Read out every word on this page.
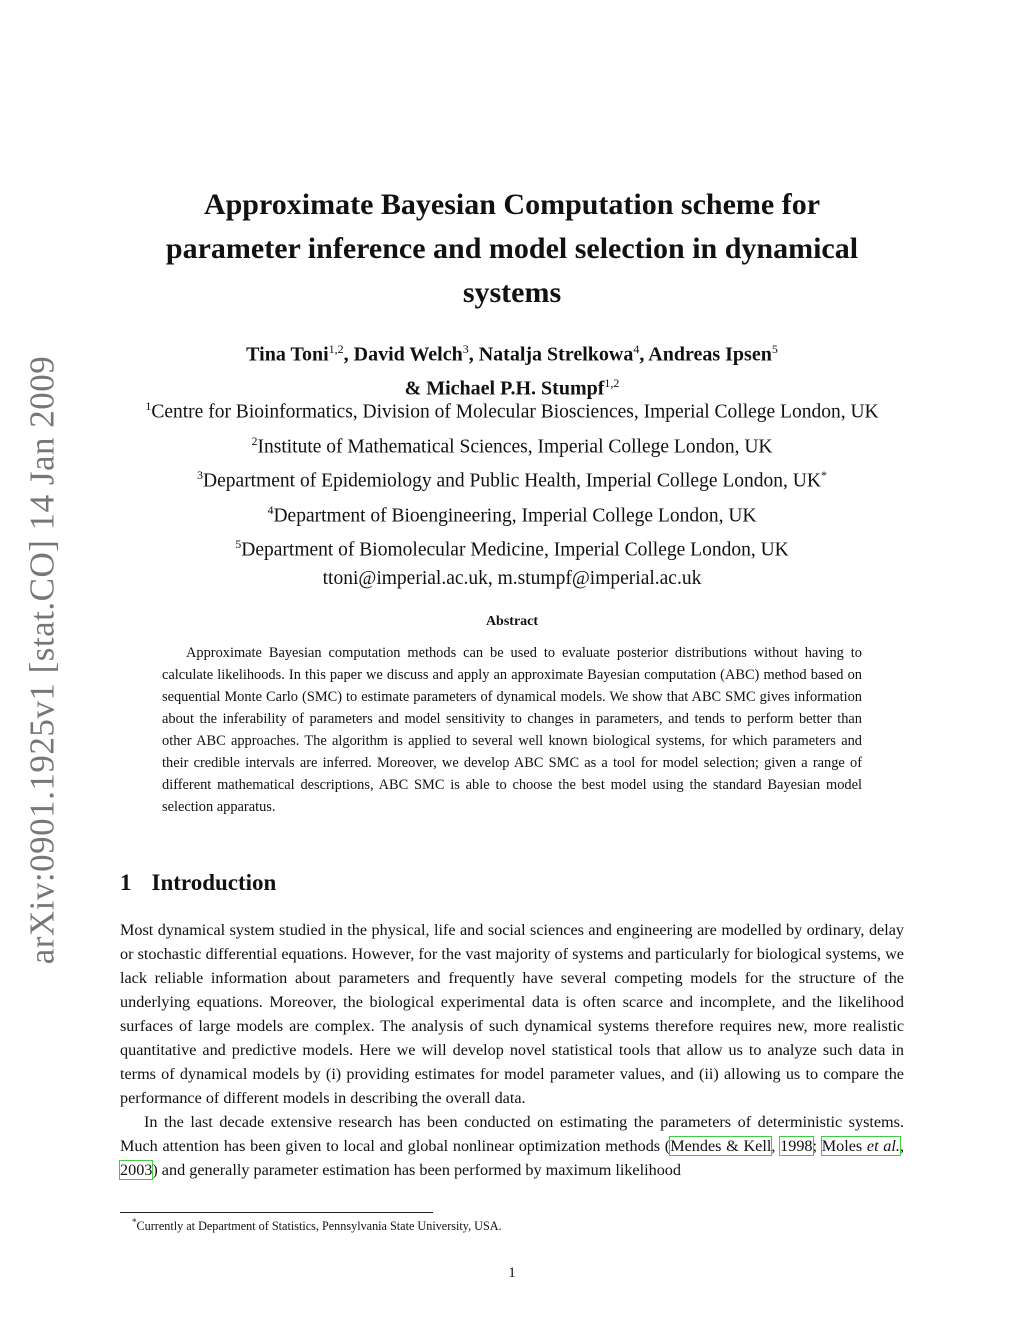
arXiv:0901.1925v1 [stat.CO] 14 Jan 2009
Approximate Bayesian Computation scheme for
parameter inference and model selection in dynamical
systems
Tina Toni$^{1,2}$, David Welch$^3$, Natalja Strelkowa$^4$, Andreas Ipsen$^5$
& Michael P.H. Stumpf$^{1,2}$
$^1$Centre for Bioinformatics, Division of Molecular Biosciences, Imperial College London, UK
$^2$Institute of Mathematical Sciences, Imperial College London, UK
$^3$Department of Epidemiology and Public Health, Imperial College London, UK*
$^4$Department of Bioengineering, Imperial College London, UK
$^5$Department of Biomolecular Medicine, Imperial College London, UK
ttoni@imperial.ac.uk, m.stumpf@imperial.ac.uk
Abstract

Approximate Bayesian computation methods can be used to evaluate posterior distributions without having to calculate likelihoods. In this paper we discuss and apply an approximate Bayesian computation (ABC) method based on sequential Monte Carlo (SMC) to estimate parameters of dynamical models. We show that ABC SMC gives information about the inferability of parameters and model sensitivity to changes in parameters, and tends to perform better than other ABC approaches. The algorithm is applied to several well known biological systems, for which parameters and their credible intervals are inferred. Moreover, we develop ABC SMC as a tool for model selection; given a range of different mathematical descriptions, ABC SMC is able to choose the best model using the standard Bayesian model selection apparatus.

1 Introduction

Most dynamical system studied in the physical, life and social sciences and engineering are modelled by ordinary, delay or stochastic differential equations. However, for the vast majority of systems and particularly for biological systems, we lack reliable information about parameters and frequently have several competing models for the structure of the underlying equations. Moreover, the biological experimental data is often scarce and incomplete, and the likelihood surfaces of large models are complex. The analysis of such dynamical systems therefore requires new, more realistic quantitative and predictive models. Here we will develop novel statistical tools that allow us to analyze such data in terms of dynamical models by (i) providing estimates for model parameter values, and (ii) allowing us to compare the performance of different models in describing the overall data.

In the last decade extensive research has been conducted on estimating the parameters of deterministic systems. Much attention has been given to local and global nonlinear optimization methods (Mendes & Kell, 1998; Moles et al., 2003) and generally parameter estimation has been performed by maximum likelihood

*Currently at Department of Statistics, Pennsylvania State University, USA.
1
